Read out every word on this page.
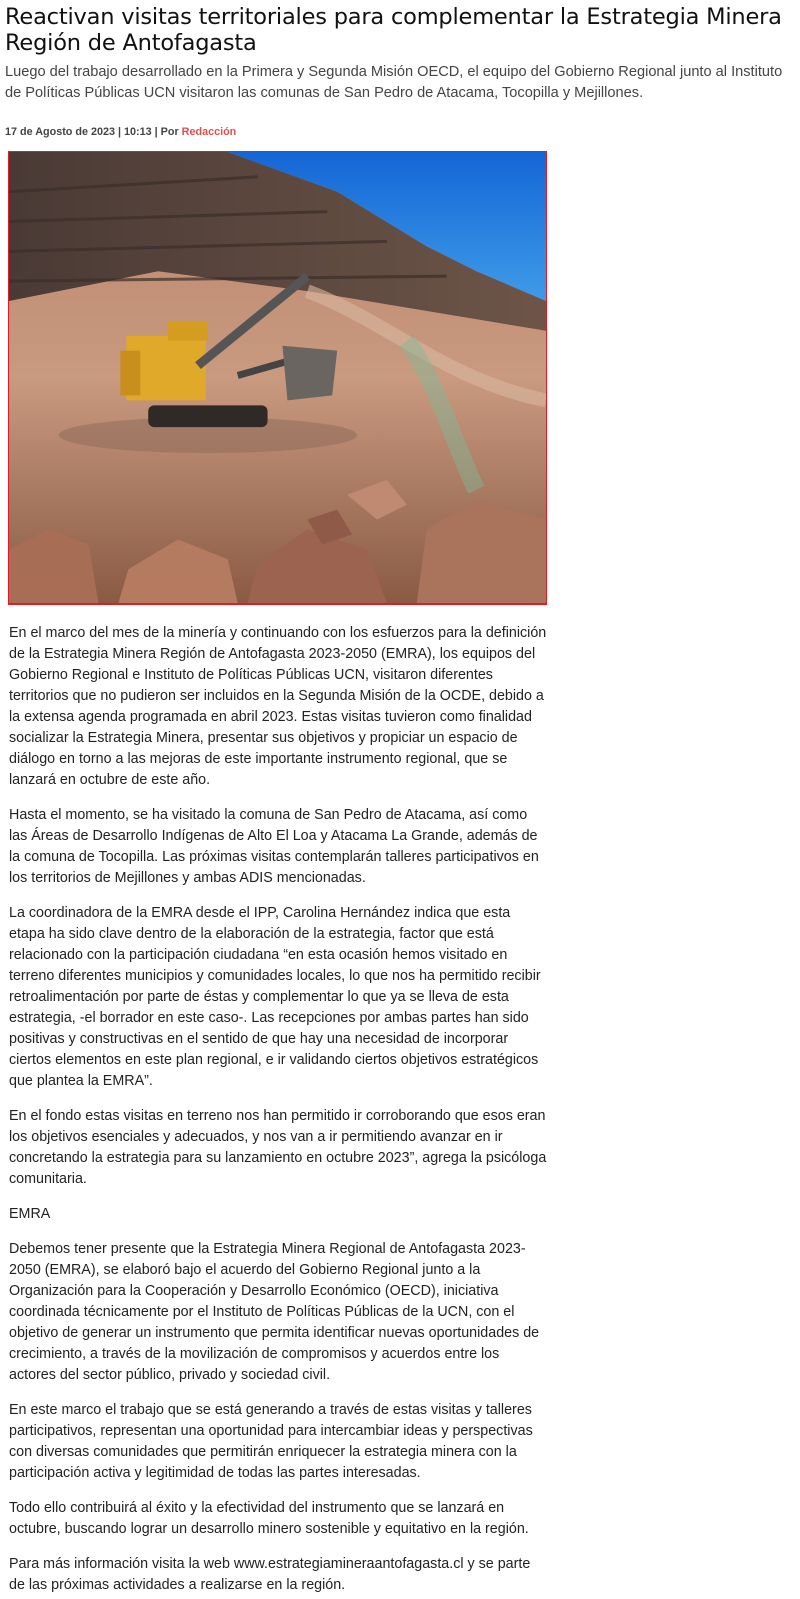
Reactivan visitas territoriales para complementar la Estrategia Minera Región de Antofagasta

Luego del trabajo desarrollado en la Primera y Segunda Misión OECD, el equipo del Gobierno Regional junto al Instituto de Políticas Públicas UCN visitaron las comunas de San Pedro de Atacama, Tocopilla y Mejillones.

17 de Agosto de 2023 | 10:13 | Por Redacción

En el marco del mes de la minería y continuando con los esfuerzos para la definición de la Estrategia Minera Región de Antofagasta 2023-2050 (EMRA), los equipos del Gobierno Regional e Instituto de Políticas Públicas UCN, visitaron diferentes territorios que no pudieron ser incluidos en la Segunda Misión de la OCDE, debido a la extensa agenda programada en abril 2023. Estas visitas tuvieron como finalidad socializar la Estrategia Minera, presentar sus objetivos y propiciar un espacio de diálogo en torno a las mejoras de este importante instrumento regional, que se lanzará en octubre de este año.

Hasta el momento, se ha visitado la comuna de San Pedro de Atacama, así como las Áreas de Desarrollo Indígenas de Alto El Loa y Atacama La Grande, además de la comuna de Tocopilla. Las próximas visitas contemplarán talleres participativos en los territorios de Mejillones y ambas ADIS mencionadas.

La coordinadora de la EMRA desde el IPP, Carolina Hernández indica que esta etapa ha sido clave dentro de la elaboración de la estrategia, factor que está relacionado con la participación ciudadana “en esta ocasión hemos visitado en terreno diferentes municipios y comunidades locales, lo que nos ha permitido recibir retroalimentación por parte de éstas y complementar lo que ya se lleva de esta estrategia, -el borrador en este caso-. Las recepciones por ambas partes han sido positivas y constructivas en el sentido de que hay una necesidad de incorporar ciertos elementos en este plan regional, e ir validando ciertos objetivos estratégicos que plantea la EMRA”.

En el fondo estas visitas en terreno nos han permitido ir corroborando que esos eran los objetivos esenciales y adecuados, y nos van a ir permitiendo avanzar en ir concretando la estrategia para su lanzamiento en octubre 2023”, agrega la psicóloga comunitaria.

EMRA

Debemos tener presente que la Estrategia Minera Regional de Antofagasta 2023-2050 (EMRA), se elaboró bajo el acuerdo del Gobierno Regional junto a la Organización para la Cooperación y Desarrollo Económico (OECD), iniciativa coordinada técnicamente por el Instituto de Políticas Públicas de la UCN, con el objetivo de generar un instrumento que permita identificar nuevas oportunidades de crecimiento, a través de la movilización de compromisos y acuerdos entre los actores del sector público, privado y sociedad civil.

En este marco el trabajo que se está generando a través de estas visitas y talleres participativos, representan una oportunidad para intercambiar ideas y perspectivas con diversas comunidades que permitirán enriquecer la estrategia minera con la participación activa y legitimidad de todas las partes interesadas.

Todo ello contribuirá al éxito y la efectividad del instrumento que se lanzará en octubre, buscando lograr un desarrollo minero sostenible y equitativo en la región.

Para más información visita la web www.estrategiamineraantofagasta.cl y se parte de las próximas actividades a realizarse en la región.
